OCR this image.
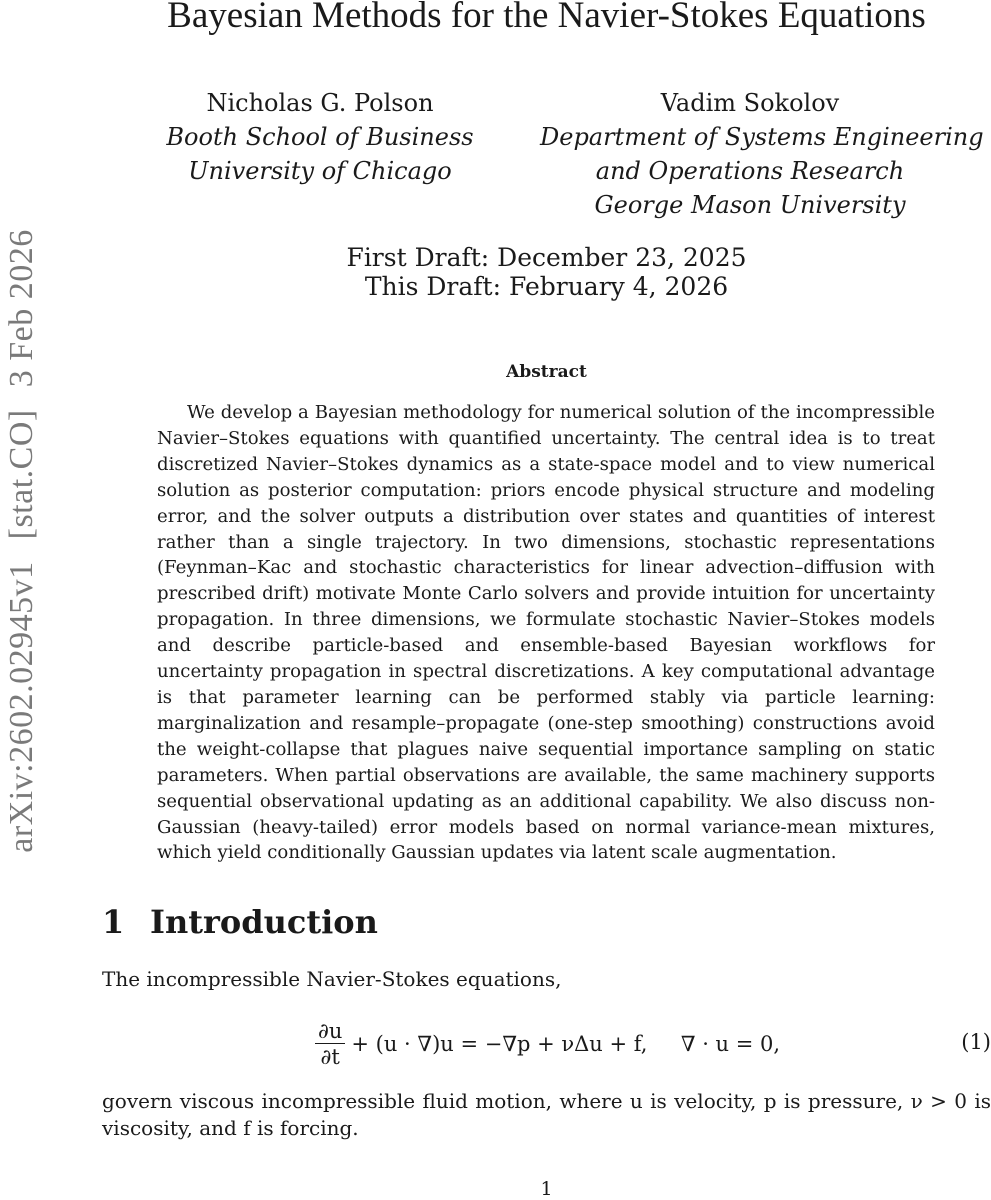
arXiv:2602.02945v1[stat.CO]3 Feb 2026
Bayesian Methods for the Navier-Stokes Equations
Nicholas G. Polson
Booth School of Business
University of Chicago
Vadim Sokolov
Department of Systems Engineering
and Operations Research
George Mason University
First Draft: December 23, 2025
This Draft: February 4, 2026
Abstract
We develop a Bayesian methodology for numerical solution of the incompressible Navier–Stokes equations with quantified uncertainty. The central idea is to treat discretized Navier–Stokes dynamics as a state-space model and to view numerical solution as posterior computation: priors encode physical structure and modeling error, and the solver outputs a distribution over states and quantities of interest rather than a single trajectory. In two dimensions, stochastic representations (Feynman–Kac and stochastic characteristics for linear advection–diffusion with prescribed drift) motivate Monte Carlo solvers and provide intuition for uncertainty propagation. In three dimensions, we formulate stochastic Navier–Stokes models and describe particle-based and ensemble-based Bayesian workflows for uncertainty propagation in spectral discretizations. A key computational advantage is that parameter learning can be performed stably via particle learning: marginalization and resample–propagate (one-step smoothing) constructions avoid the weight-collapse that plagues naive sequential importance sampling on static parameters. When partial observations are available, the same machinery supports sequential observational updating as an additional capability. We also discuss non-Gaussian (heavy-tailed) error models based on normal variance-mean mixtures, which yield conditionally Gaussian updates via latent scale augmentation.
1 Introduction
The incompressible Navier-Stokes equations,
$\frac{\partial u}{\partial t} + (u \cdot \nabla)u = -\nabla p + \nu\Delta u + f$,     ∇ · u = 0,	(1)
govern viscous incompressible fluid motion, where u is velocity, p is pressure, ν > 0 is viscosity, and f is forcing.
1
